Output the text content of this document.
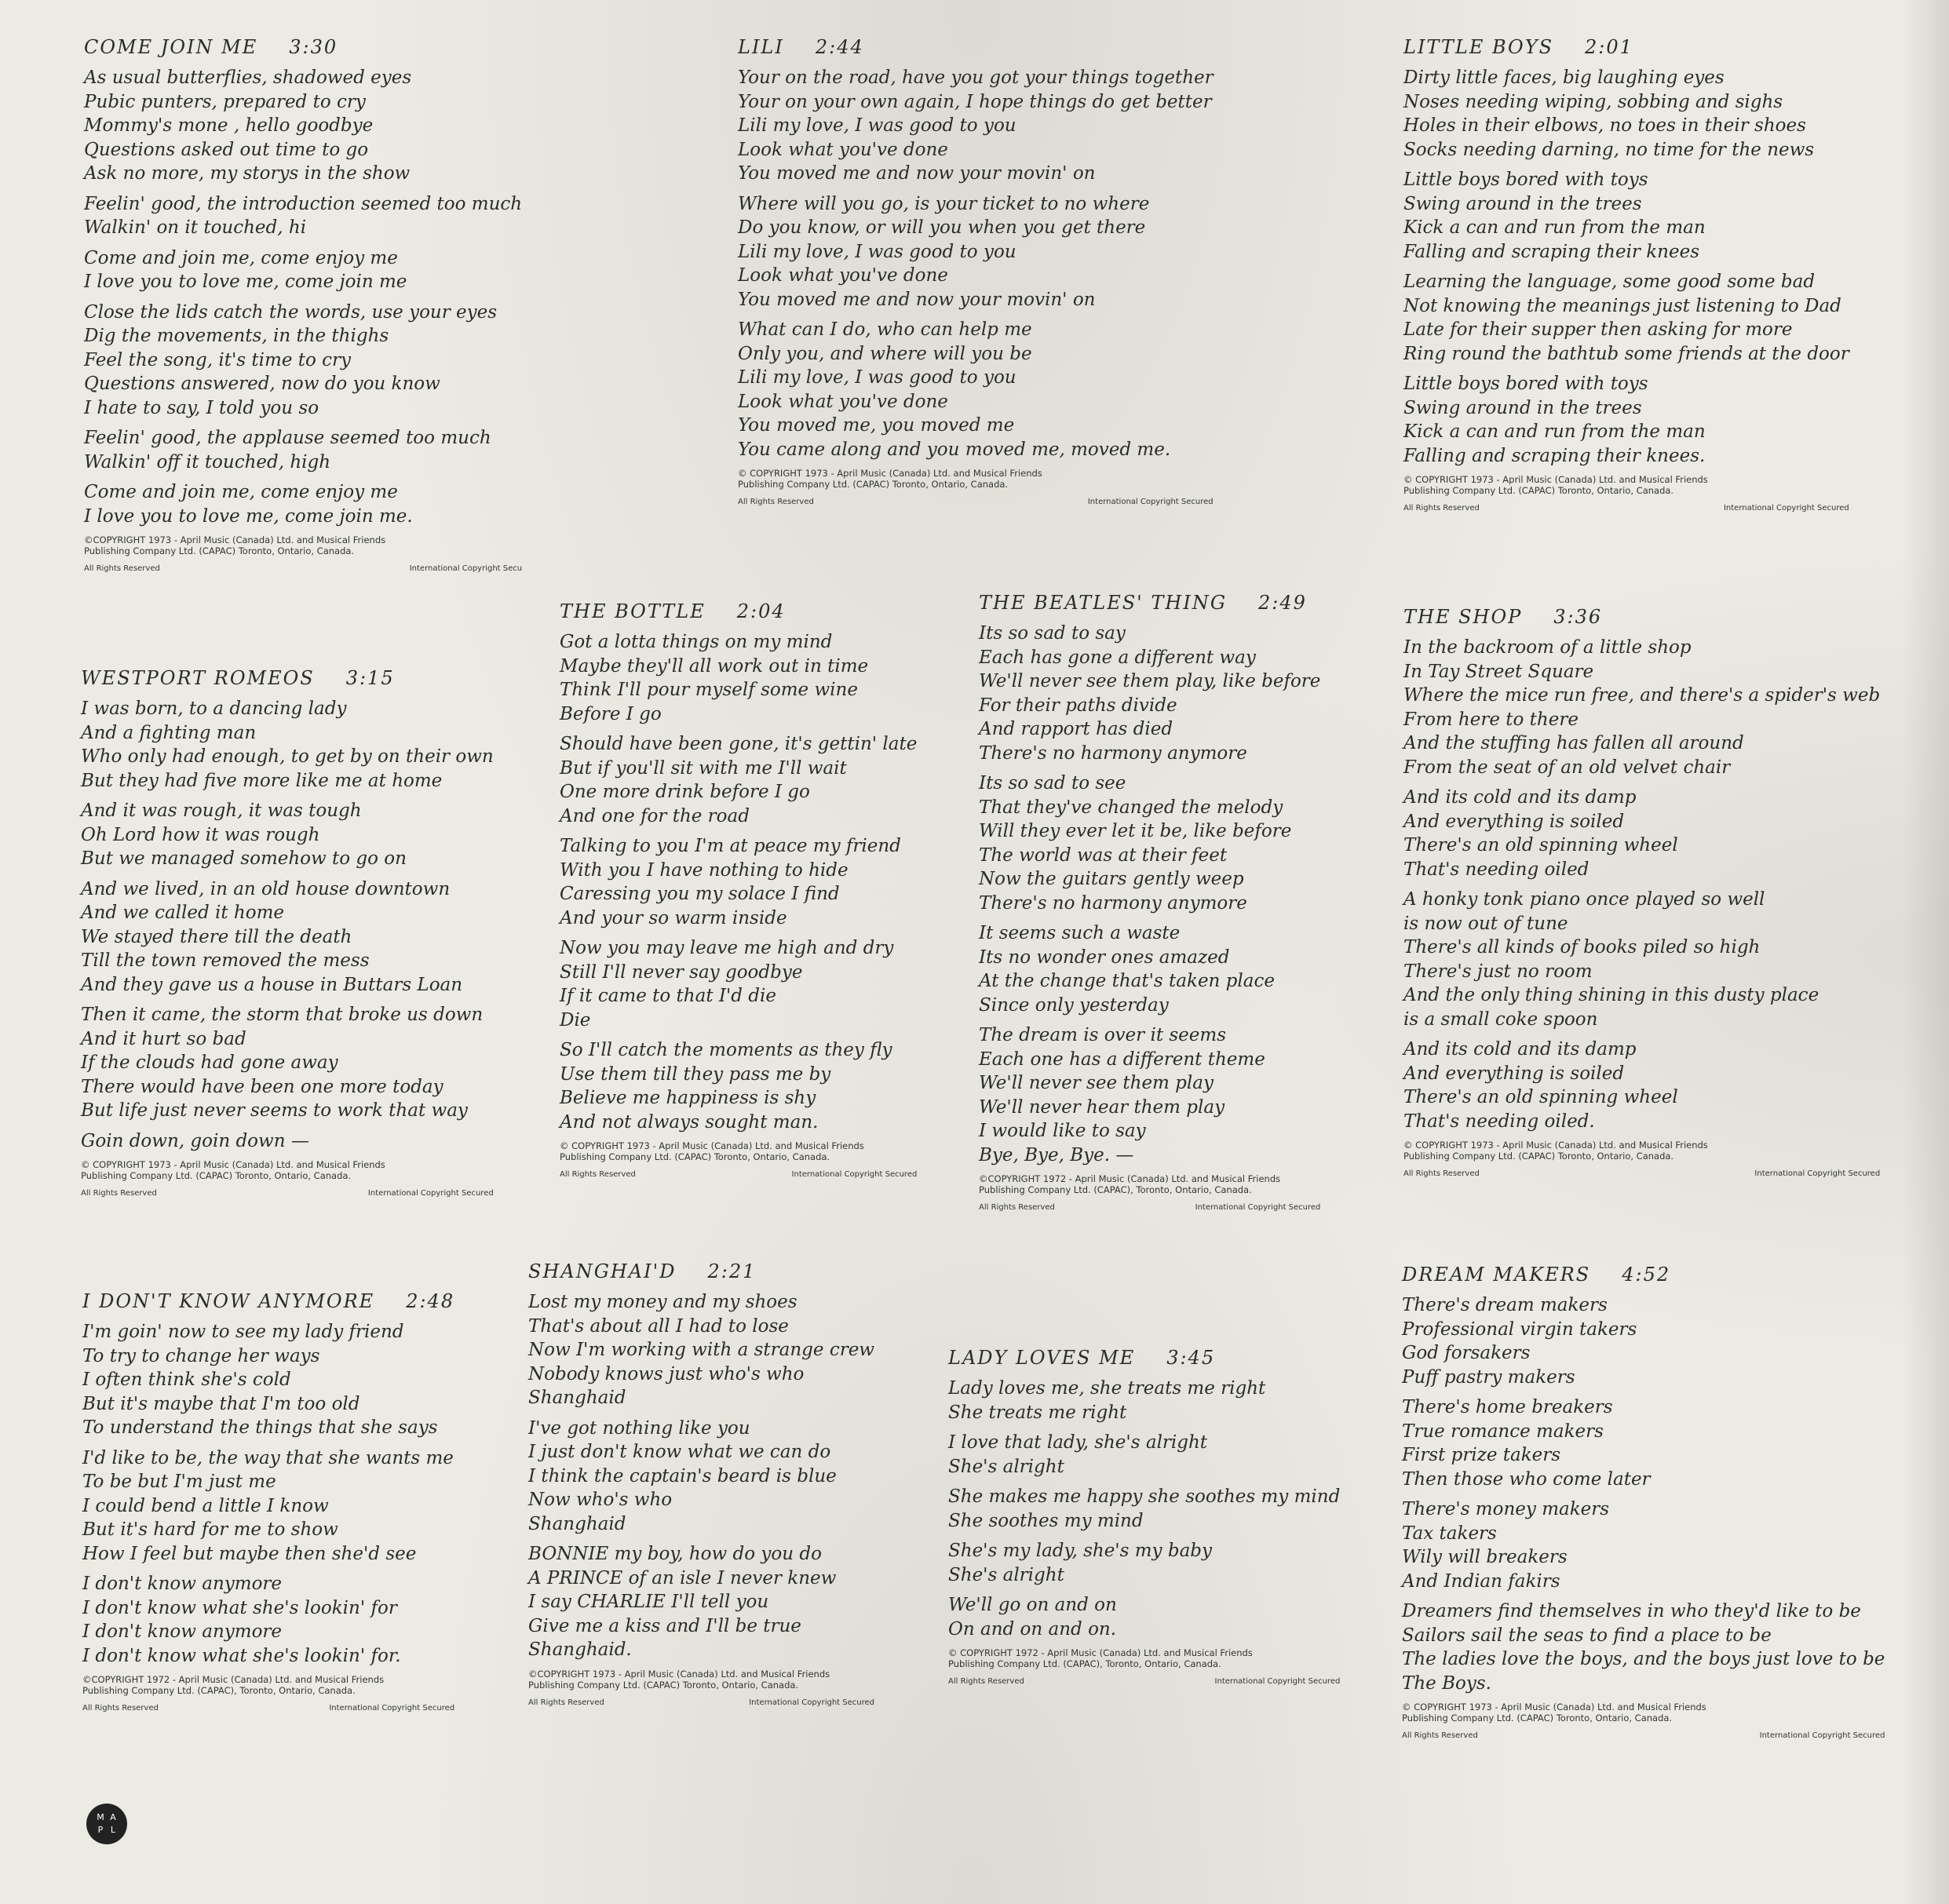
COME JOIN ME 3:30
As usual butterflies, shadowed eyes
Pubic punters, prepared to cry
Mommy's mone , hello goodbye
Questions asked out time to go
Ask no more, my storys in the show
Feelin' good, the introduction seemed too much
Walkin' on it touched, hi
Come and join me, come enjoy me
I love you to love me, come join me
Close the lids catch the words, use your eyes
Dig the movements, in the thighs
Feel the song, it's time to cry
Questions answered, now do you know
I hate to say, I told you so
Feelin' good, the applause seemed too much
Walkin' off it touched, high
Come and join me, come enjoy me
I love you to love me, come join me.
©COPYRIGHT 1973 - April Music (Canada) Ltd. and Musical Friends
Publishing Company Ltd. (CAPAC) Toronto, Ontario, Canada.
All Rights Reserved	International Copyright Secu
LILI 2:44
Your on the road, have you got your things together
Your on your own again, I hope things do get better
Lili my love, I was good to you
Look what you've done
You moved me and now your movin' on
Where will you go, is your ticket to no where
Do you know, or will you when you get there
Lili my love, I was good to you
Look what you've done
You moved me and now your movin' on
What can I do, who can help me
Only you, and where will you be
Lili my love, I was good to you
Look what you've done
You moved me, you moved me
You came along and you moved me, moved me.
© COPYRIGHT 1973 - April Music (Canada) Ltd. and Musical Friends
Publishing Company Ltd. (CAPAC) Toronto, Ontario, Canada.
All Rights Reserved	International Copyright Secured
LITTLE BOYS 2:01
Dirty little faces, big laughing eyes
Noses needing wiping, sobbing and sighs
Holes in their elbows, no toes in their shoes
Socks needing darning, no time for the news
Little boys bored with toys
Swing around in the trees
Kick a can and run from the man
Falling and scraping their knees
Learning the language, some good some bad
Not knowing the meanings just listening to Dad
Late for their supper then asking for more
Ring round the bathtub some friends at the door
Little boys bored with toys
Swing around in the trees
Kick a can and run from the man
Falling and scraping their knees.
© COPYRIGHT 1973 - April Music (Canada) Ltd. and Musical Friends
Publishing Company Ltd. (CAPAC) Toronto, Ontario, Canada.
All Rights Reserved	International Copyright Secured
WESTPORT ROMEOS 3:15
I was born, to a dancing lady
And a fighting man
Who only had enough, to get by on their own
But they had five more like me at home
And it was rough, it was tough
Oh Lord how it was rough
But we managed somehow to go on
And we lived, in an old house downtown
And we called it home
We stayed there till the death
Till the town removed the mess
And they gave us a house in Buttars Loan
Then it came, the storm that broke us down
And it hurt so bad
If the clouds had gone away
There would have been one more today
But life just never seems to work that way
Goin down, goin down —
© COPYRIGHT 1973 - April Music (Canada) Ltd. and Musical Friends
Publishing Company Ltd. (CAPAC) Toronto, Ontario, Canada.
All Rights Reserved	International Copyright Secured
THE BOTTLE 2:04
Got a lotta things on my mind
Maybe they'll all work out in time
Think I'll pour myself some wine
Before I go
Should have been gone, it's gettin' late
But if you'll sit with me I'll wait
One more drink before I go
And one for the road
Talking to you I'm at peace my friend
With you I have nothing to hide
Caressing you my solace I find
And your so warm inside
Now you may leave me high and dry
Still I'll never say goodbye
If it came to that I'd die
Die
So I'll catch the moments as they fly
Use them till they pass me by
Believe me happiness is shy
And not always sought man.
© COPYRIGHT 1973 - April Music (Canada) Ltd. and Musical Friends
Publishing Company Ltd. (CAPAC) Toronto, Ontario, Canada.
All Rights Reserved	International Copyright Secured
THE BEATLES' THING 2:49
Its so sad to say
Each has gone a different way
We'll never see them play, like before
For their paths divide
And rapport has died
There's no harmony anymore
Its so sad to see
That they've changed the melody
Will they ever let it be, like before
The world was at their feet
Now the guitars gently weep
There's no harmony anymore
It seems such a waste
Its no wonder ones amazed
At the change that's taken place
Since only yesterday
The dream is over it seems
Each one has a different theme
We'll never see them play
We'll never hear them play
I would like to say
Bye, Bye, Bye. —
©COPYRIGHT 1972 - April Music (Canada) Ltd. and Musical Friends
Publishing Company Ltd. (CAPAC), Toronto, Ontario, Canada.
All Rights Reserved	International Copyright Secured
THE SHOP 3:36
In the backroom of a little shop
In Tay Street Square
Where the mice run free, and there's a spider's web
From here to there
And the stuffing has fallen all around
From the seat of an old velvet chair
And its cold and its damp
And everything is soiled
There's an old spinning wheel
That's needing oiled
A honky tonk piano once played so well
is now out of tune
There's all kinds of books piled so high
There's just no room
And the only thing shining in this dusty place
is a small coke spoon
And its cold and its damp
And everything is soiled
There's an old spinning wheel
That's needing oiled.
© COPYRIGHT 1973 - April Music (Canada) Ltd. and Musical Friends
Publishing Company Ltd. (CAPAC) Toronto, Ontario, Canada.
All Rights Reserved	International Copyright Secured
I DON'T KNOW ANYMORE 2:48
I'm goin' now to see my lady friend
To try to change her ways
I often think she's cold
But it's maybe that I'm too old
To understand the things that she says
I'd like to be, the way that she wants me
To be but I'm just me
I could bend a little I know
But it's hard for me to show
How I feel but maybe then she'd see
I don't know anymore
I don't know what she's lookin' for
I don't know anymore
I don't know what she's lookin' for.
©COPYRIGHT 1972 - April Music (Canada) Ltd. and Musical Friends
Publishing Company Ltd. (CAPAC), Toronto, Ontario, Canada.
All Rights Reserved	International Copyright Secured
SHANGHAI'D 2:21
Lost my money and my shoes
That's about all I had to lose
Now I'm working with a strange crew
Nobody knows just who's who
Shanghaid
I've got nothing like you
I just don't know what we can do
I think the captain's beard is blue
Now who's who
Shanghaid
BONNIE my boy, how do you do
A PRINCE of an isle I never knew
I say CHARLIE I'll tell you
Give me a kiss and I'll be true
Shanghaid.
©COPYRIGHT 1973 - April Music (Canada) Ltd. and Musical Friends
Publishing Company Ltd. (CAPAC) Toronto, Ontario, Canada.
All Rights Reserved	International Copyright Secured
LADY LOVES ME 3:45
Lady loves me, she treats me right
She treats me right
I love that lady, she's alright
She's alright
She makes me happy she soothes my mind
She soothes my mind
She's my lady, she's my baby
She's alright
We'll go on and on
On and on and on.
© COPYRIGHT 1972 - April Music (Canada) Ltd. and Musical Friends
Publishing Company Ltd. (CAPAC), Toronto, Ontario, Canada.
All Rights Reserved	International Copyright Secured
DREAM MAKERS 4:52
There's dream makers
Professional virgin takers
God forsakers
Puff pastry makers
There's home breakers
True romance makers
First prize takers
Then those who come later
There's money makers
Tax takers
Wily will breakers
And Indian fakirs
Dreamers find themselves in who they'd like to be
Sailors sail the seas to find a place to be
The ladies love the boys, and the boys just love to be
The Boys.
© COPYRIGHT 1973 - April Music (Canada) Ltd. and Musical Friends
Publishing Company Ltd. (CAPAC) Toronto, Ontario, Canada.
All Rights Reserved	International Copyright Secured
M A
P L
